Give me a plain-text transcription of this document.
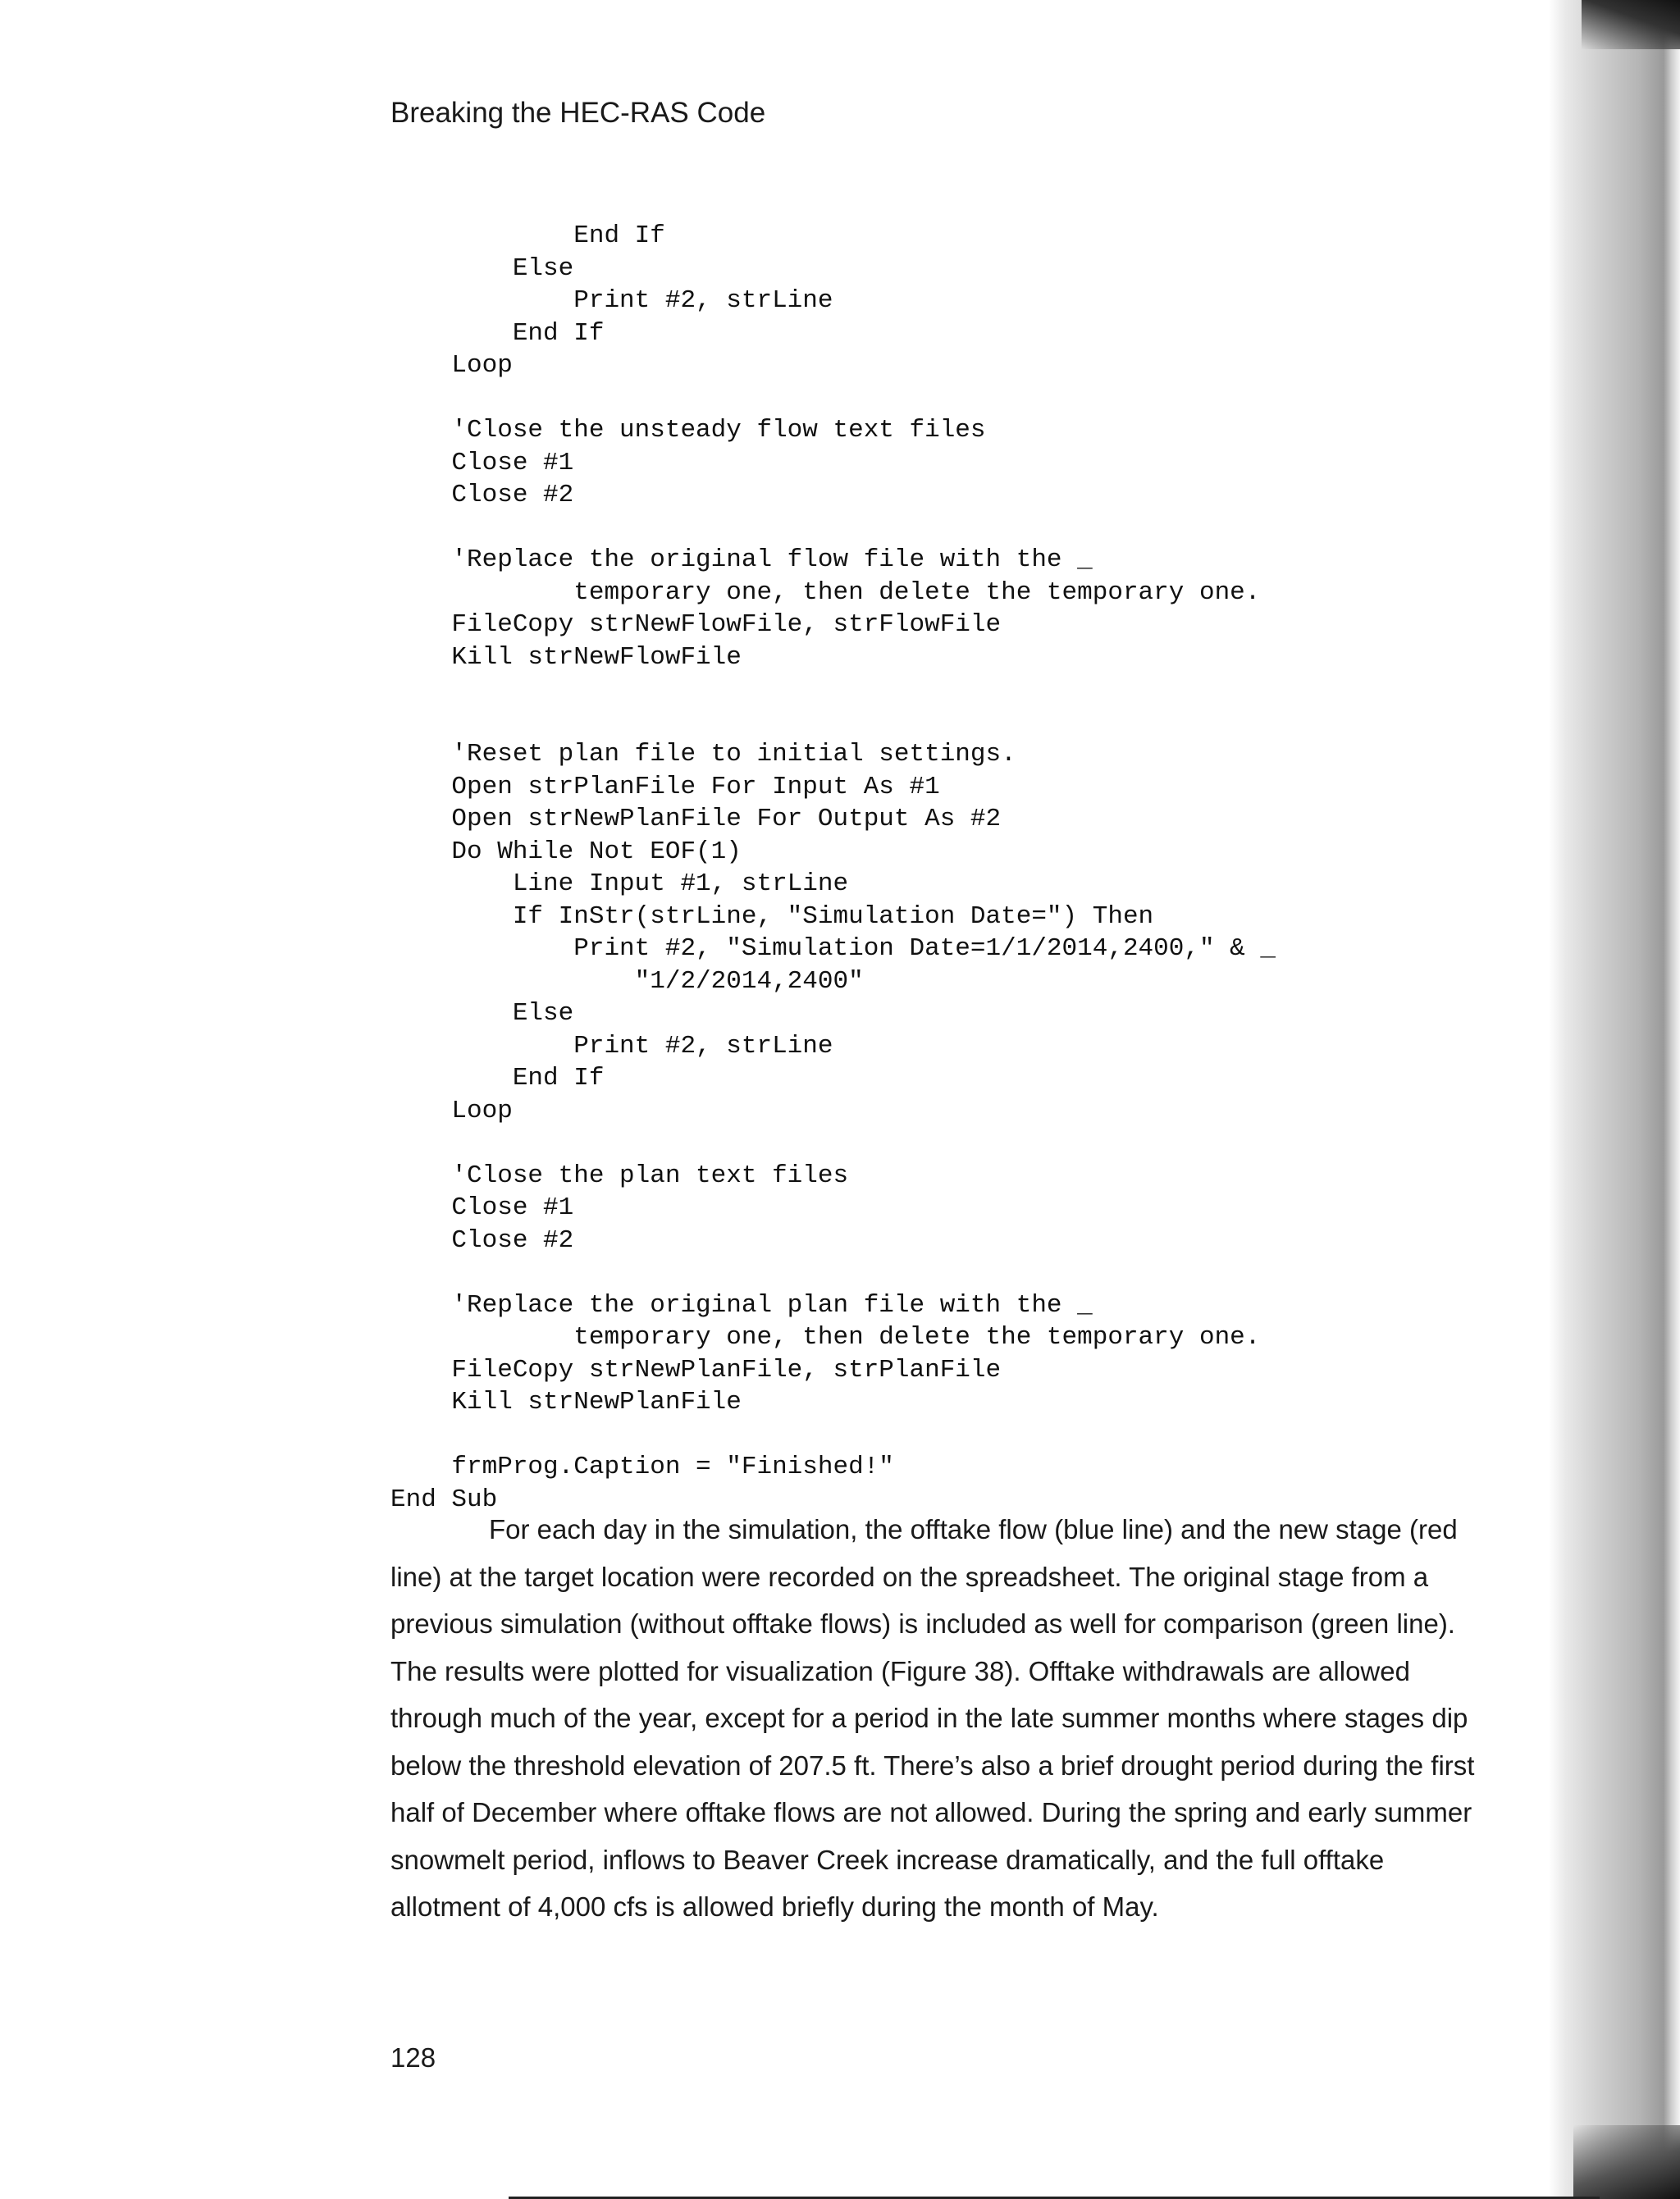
Breaking the HEC-RAS Code
End If
Else
Print #2, strLine
End If
Loop
'Close the unsteady flow text files
Close #1
Close #2
'Replace the original flow file with the _
temporary one, then delete the temporary one.
FileCopy strNewFlowFile, strFlowFile
Kill strNewFlowFile
'Reset plan file to initial settings.
Open strPlanFile For Input As #1
Open strNewPlanFile For Output As #2
Do While Not EOF(1)
Line Input #1, strLine
If InStr(strLine, "Simulation Date=") Then
Print #2, "Simulation Date=1/1/2014,2400," & _
"1/2/2014,2400"
Else
Print #2, strLine
End If
Loop
'Close the plan text files
Close #1
Close #2
'Replace the original plan file with the _
temporary one, then delete the temporary one.
FileCopy strNewPlanFile, strPlanFile
Kill strNewPlanFile
frmProg.Caption = "Finished!"
End Sub

For each day in the simulation, the offtake flow (blue line) and the new stage (red line) at the target location were recorded on the spreadsheet. The original stage from a previous simulation (without offtake flows) is included as well for comparison (green line). The results were plotted for visualization (Figure 38). Offtake withdrawals are allowed through much of the year, except for a period in the late summer months where stages dip below the threshold elevation of 207.5 ft. There’s also a brief drought period during the first half of December where offtake flows are not allowed. During the spring and early summer snowmelt period, inflows to Beaver Creek increase dramatically, and the full offtake allotment of 4,000 cfs is allowed briefly during the month of May.

128
